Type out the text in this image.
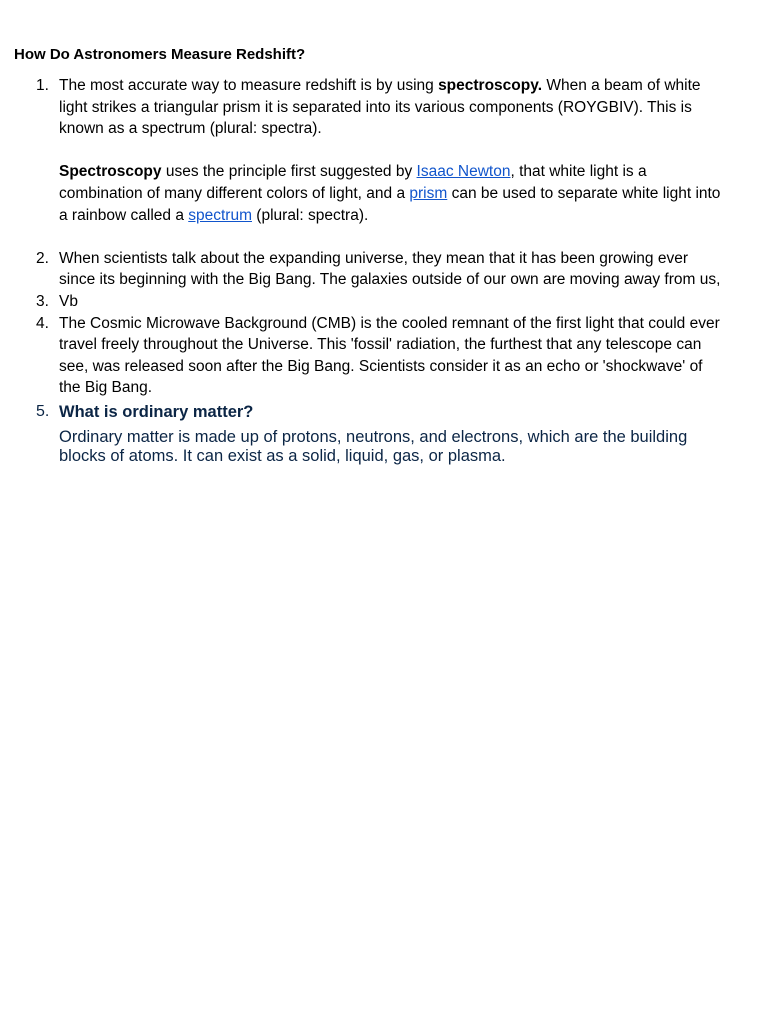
How Do Astronomers Measure Redshift?
1. The most accurate way to measure redshift is by using spectroscopy. When a beam of white light strikes a triangular prism it is separated into its various components (ROYGBIV). This is known as a spectrum (plural: spectra).

Spectroscopy uses the principle first suggested by Isaac Newton, that white light is a combination of many different colors of light, and a prism can be used to separate white light into a rainbow called a spectrum (plural: spectra).

2. When scientists talk about the expanding universe, they mean that it has been growing ever since its beginning with the Big Bang. The galaxies outside of our own are moving away from us,

3. Vb

4. The Cosmic Microwave Background (CMB) is the cooled remnant of the first light that could ever travel freely throughout the Universe. This 'fossil' radiation, the furthest that any telescope can see, was released soon after the Big Bang. Scientists consider it as an echo or 'shockwave' of the Big Bang.

5. What is ordinary matter?

Ordinary matter is made up of protons, neutrons, and electrons, which are the building blocks of atoms. It can exist as a solid, liquid, gas, or plasma.
